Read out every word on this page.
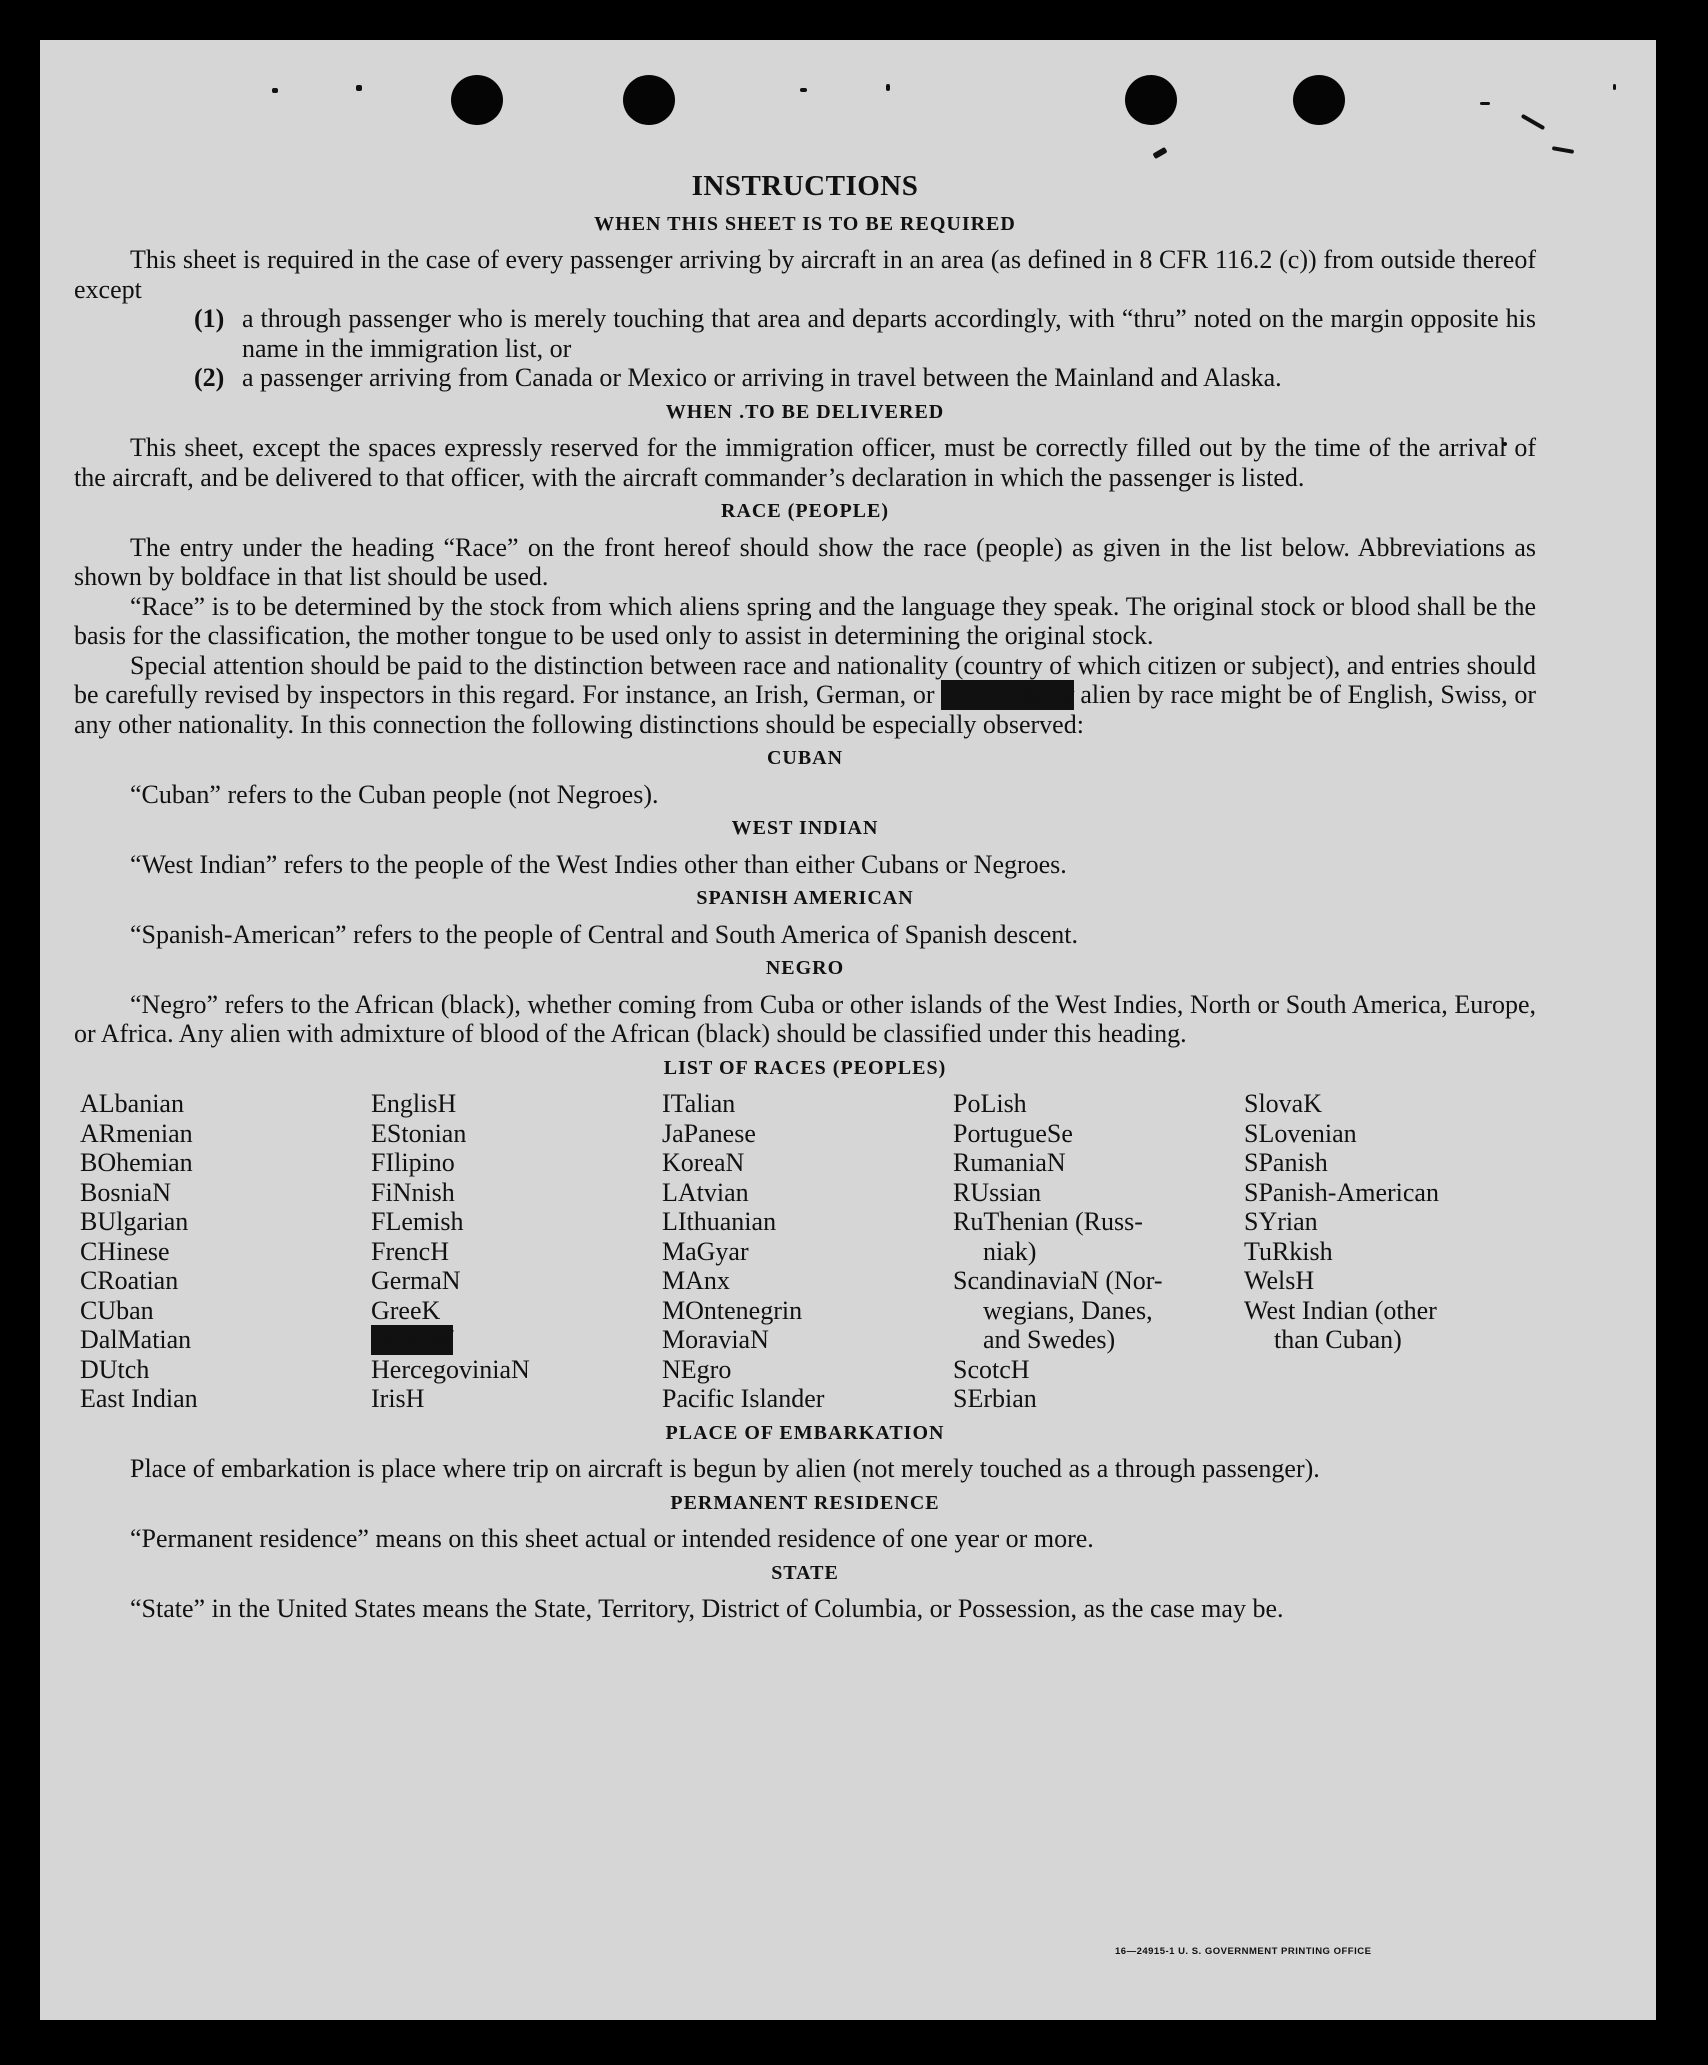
INSTRUCTIONS
WHEN THIS SHEET IS TO BE REQUIRED

This sheet is required in the case of every passenger arriving by aircraft in an area (as defined in 8 CFR 116.2 (c)) from outside thereof except

(1) a through passenger who is merely touching that area and departs accordingly, with “thru” noted on the margin opposite his name in the immigration list, or
(2) a passenger arriving from Canada or Mexico or arriving in travel between the Mainland and Alaska.
WHEN .TO BE DELIVERED

This sheet, except the spaces expressly reserved for the immigration officer, must be correctly filled out by the time of the arrival of the aircraft, and be delivered to that officer, with the aircraft commander’s declaration in which the passenger is listed.

RACE (PEOPLE)

The entry under the heading “Race” on the front hereof should show the race (people) as given in the list below. Abbreviations as shown by boldface in that list should be used.

“Race” is to be determined by the stock from which aliens spring and the language they speak. The original stock or blood shall be the basis for the classification, the mother tongue to be used only to assist in determining the original stock.

Special attention should be paid to the distinction between race and nationality (country of which citizen or subject), and entries should be carefully revised by inspectors in this regard. For instance, an Irish, German, or Hebrew alien by race might be of English, Swiss, or any other nationality. In this connection the following distinctions should be especially observed:

CUBAN

“Cuban” refers to the Cuban people (not Negroes).

WEST INDIAN

“West Indian” refers to the people of the West Indies other than either Cubans or Negroes.

SPANISH AMERICAN

“Spanish-American” refers to the people of Central and South America of Spanish descent.

NEGRO

“Negro” refers to the African (black), whether coming from Cuba or other islands of the West Indies, North or South America, Europe, or Africa. Any alien with admixture of blood of the African (black) should be classified under this heading.

LIST OF RACES (PEOPLES)
ALbanian
ARmenian
BOhemian
BosniaN
BUlgarian
CHinese
CRoatian
CUban
DalMatian
DUtch
East Indian
EnglisH
EStonian
FIlipino
FiNnish
FLemish
FrencH
GermaN
GreeK
HebreW
HercegoviniaN
IrisH
ITalian
JaPanese
KoreaN
LAtvian
LIthuanian
MaGyar
MAnx
MOntenegrin
MoraviaN
NEgro
Pacific Islander
PoLish
PortugueSe
RumaniaN
RUssian
RuThenian (Russ-
niak)
ScandinaviaN (Nor-
wegians, Danes,
and Swedes)
ScotcH
SErbian
SlovaK
SLovenian
SPanish
SPanish-American
SYrian
TuRkish
WelsH
West Indian (other
than Cuban)
PLACE OF EMBARKATION

Place of embarkation is place where trip on aircraft is begun by alien (not merely touched as a through passenger).

PERMANENT RESIDENCE

“Permanent residence” means on this sheet actual or intended residence of one year or more.

STATE

“State” in the United States means the State, Territory, District of Columbia, or Possession, as the case may be.

16—24915-1 U. S. GOVERNMENT PRINTING OFFICE
